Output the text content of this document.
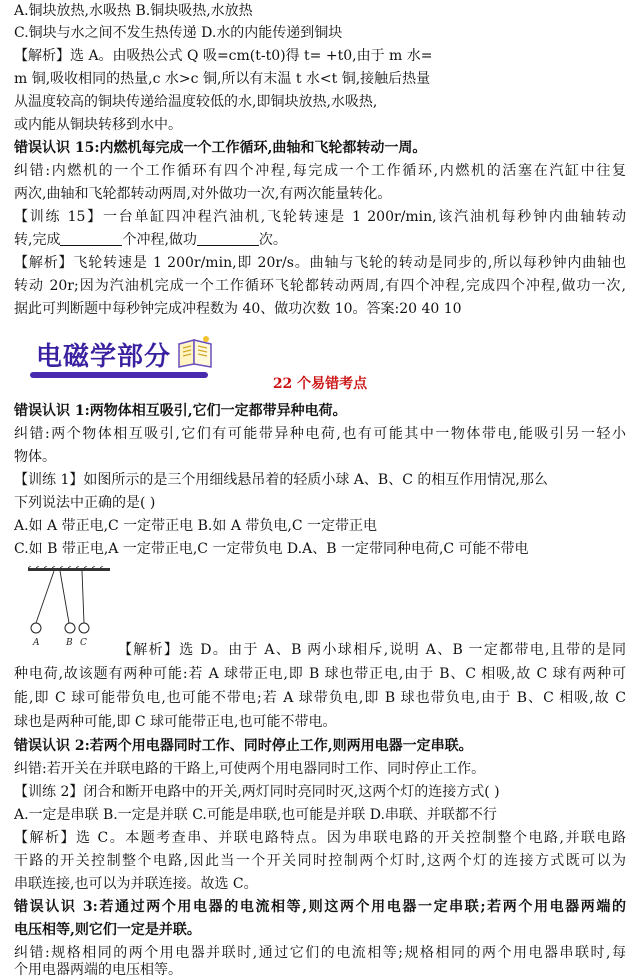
A.铜块放热,水吸热 B.铜块吸热,水放热
C.铜块与水之间不发生热传递 D.水的内能传递到铜块
【解析】选 A。由吸热公式 Q 吸=cm(t-t0)得 t= +t0,由于 m 水=
m 铜,吸收相同的热量,c 水>c 铜,所以有末温 t 水<t 铜,接触后热量
从温度较高的铜块传递给温度较低的水,即铜块放热,水吸热,
或内能从铜块转移到水中。
错误认识 15:内燃机每完成一个工作循环,曲轴和飞轮都转动一周。
纠错:内燃机的一个工作循环有四个冲程,每完成一个工作循环,内燃机的活塞在汽缸中往复
两次,曲轴和飞轮都转动两周,对外做功一次,有两次能量转化。
【训练 15】一台单缸四冲程汽油机,飞轮转速是 1 200r/min,该汽油机每秒钟内曲轴转动
转,完成	个冲程,做功	次。
【解析】飞轮转速是 1 200r/min,即 20r/s。曲轴与飞轮的转动是同步的,所以每秒钟内曲轴也
转动 20r;因为汽油机完成一个工作循环飞轮都转动两周,有四个冲程,完成四个冲程,做功一次,
据此可判断题中每秒钟完成冲程数为 40、做功次数 10。答案:20 40 10
电磁学部分
22 个易错考点
错误认识 1:两物体相互吸引,它们一定都带异种电荷。
纠错:两个物体相互吸引,它们有可能带异种电荷,也有可能其中一物体带电,能吸引另一轻小
物体。
【训练 1】如图所示的是三个用细线悬吊着的轻质小球 A、B、C 的相互作用情况,那么
下列说法中正确的是( )
A.如 A 带正电,C 一定带正电 B.如 A 带负电,C 一定带正电
C.如 B 带正电,A 一定带正电,C 一定带负电 D.A、B 一定带同种电荷,C 可能不带电
A	B C 【解析】选 D。由于 A、B 两小球相斥,说明 A、B 一定都带电,且带的是同
种电荷,故该题有两种可能:若 A 球带正电,即 B 球也带正电,由于 B、C 相吸,故 C 球有两种可
能,即 C 球可能带负电,也可能不带电;若 A 球带负电,即 B 球也带负电,由于 B、C 相吸,故 C
球也是两种可能,即 C 球可能带正电,也可能不带电。
错误认识 2:若两个用电器同时工作、同时停止工作,则两用电器一定串联。
纠错:若开关在并联电路的干路上,可使两个用电器同时工作、同时停止工作。
【训练 2】闭合和断开电路中的开关,两灯同时亮同时灭,这两个灯的连接方式( )
A.一定是串联 B.一定是并联 C.可能是串联,也可能是并联 D.串联、并联都不行
【解析】选 C。本题考查串、并联电路特点。因为串联电路的开关控制整个电路,并联电路
干路的开关控制整个电路,因此当一个开关同时控制两个灯时,这两个灯的连接方式既可以为
串联连接,也可以为并联连接。故选 C。
错误认识 3:若通过两个用电器的电流相等,则这两个用电器一定串联;若两个用电器两端的
电压相等,则它们一定是并联。
纠错:规格相同的两个用电器并联时,通过它们的电流相等;规格相同的两个用电器串联时,每
个用电器两端的电压相等。
